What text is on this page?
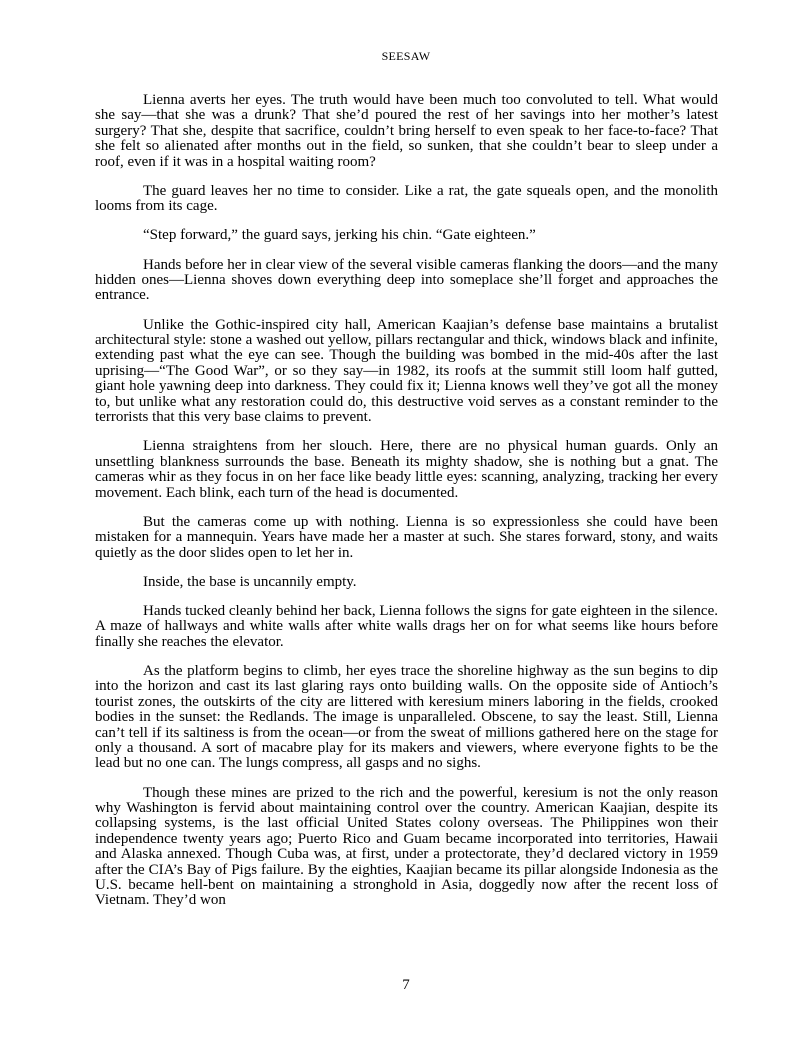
SEESAW

Lienna averts her eyes. The truth would have been much too convoluted to tell. What would she say—that she was a drunk? That she’d poured the rest of her savings into her mother’s latest surgery? That she, despite that sacrifice, couldn’t bring herself to even speak to her face-to-face? That she felt so alienated after months out in the field, so sunken, that she couldn’t bear to sleep under a roof, even if it was in a hospital waiting room?

The guard leaves her no time to consider. Like a rat, the gate squeals open, and the monolith looms from its cage.

“Step forward,” the guard says, jerking his chin. “Gate eighteen.”

Hands before her in clear view of the several visible cameras flanking the doors—and the many hidden ones—Lienna shoves down everything deep into someplace she’ll forget and approaches the entrance.

Unlike the Gothic-inspired city hall, American Kaajian’s defense base maintains a brutalist architectural style: stone a washed out yellow, pillars rectangular and thick, windows black and infinite, extending past what the eye can see. Though the building was bombed in the mid-40s after the last uprising—“The Good War”, or so they say—in 1982, its roofs at the summit still loom half gutted, giant hole yawning deep into darkness. They could fix it; Lienna knows well they’ve got all the money to, but unlike what any restoration could do, this destructive void serves as a constant reminder to the terrorists that this very base claims to prevent.

Lienna straightens from her slouch. Here, there are no physical human guards. Only an unsettling blankness surrounds the base. Beneath its mighty shadow, she is nothing but a gnat. The cameras whir as they focus in on her face like beady little eyes: scanning, analyzing, tracking her every movement. Each blink, each turn of the head is documented.

But the cameras come up with nothing. Lienna is so expressionless she could have been mistaken for a mannequin. Years have made her a master at such. She stares forward, stony, and waits quietly as the door slides open to let her in.

Inside, the base is uncannily empty.

Hands tucked cleanly behind her back, Lienna follows the signs for gate eighteen in the silence. A maze of hallways and white walls after white walls drags her on for what seems like hours before finally she reaches the elevator.

As the platform begins to climb, her eyes trace the shoreline highway as the sun begins to dip into the horizon and cast its last glaring rays onto building walls. On the opposite side of Antioch’s tourist zones, the outskirts of the city are littered with keresium miners laboring in the fields, crooked bodies in the sunset: the Redlands. The image is unparalleled. Obscene, to say the least. Still, Lienna can’t tell if its saltiness is from the ocean—or from the sweat of millions gathered here on the stage for only a thousand. A sort of macabre play for its makers and viewers, where everyone fights to be the lead but no one can. The lungs compress, all gasps and no sighs.

Though these mines are prized to the rich and the powerful, keresium is not the only reason why Washington is fervid about maintaining control over the country. American Kaajian, despite its collapsing systems, is the last official United States colony overseas. The Philippines won their independence twenty years ago; Puerto Rico and Guam became incorporated into territories, Hawaii and Alaska annexed. Though Cuba was, at first, under a protectorate, they’d declared victory in 1959 after the CIA’s Bay of Pigs failure. By the eighties, Kaajian became its pillar alongside Indonesia as the U.S. became hell-bent on maintaining a stronghold in Asia, doggedly now after the recent loss of Vietnam. They’d won

7
